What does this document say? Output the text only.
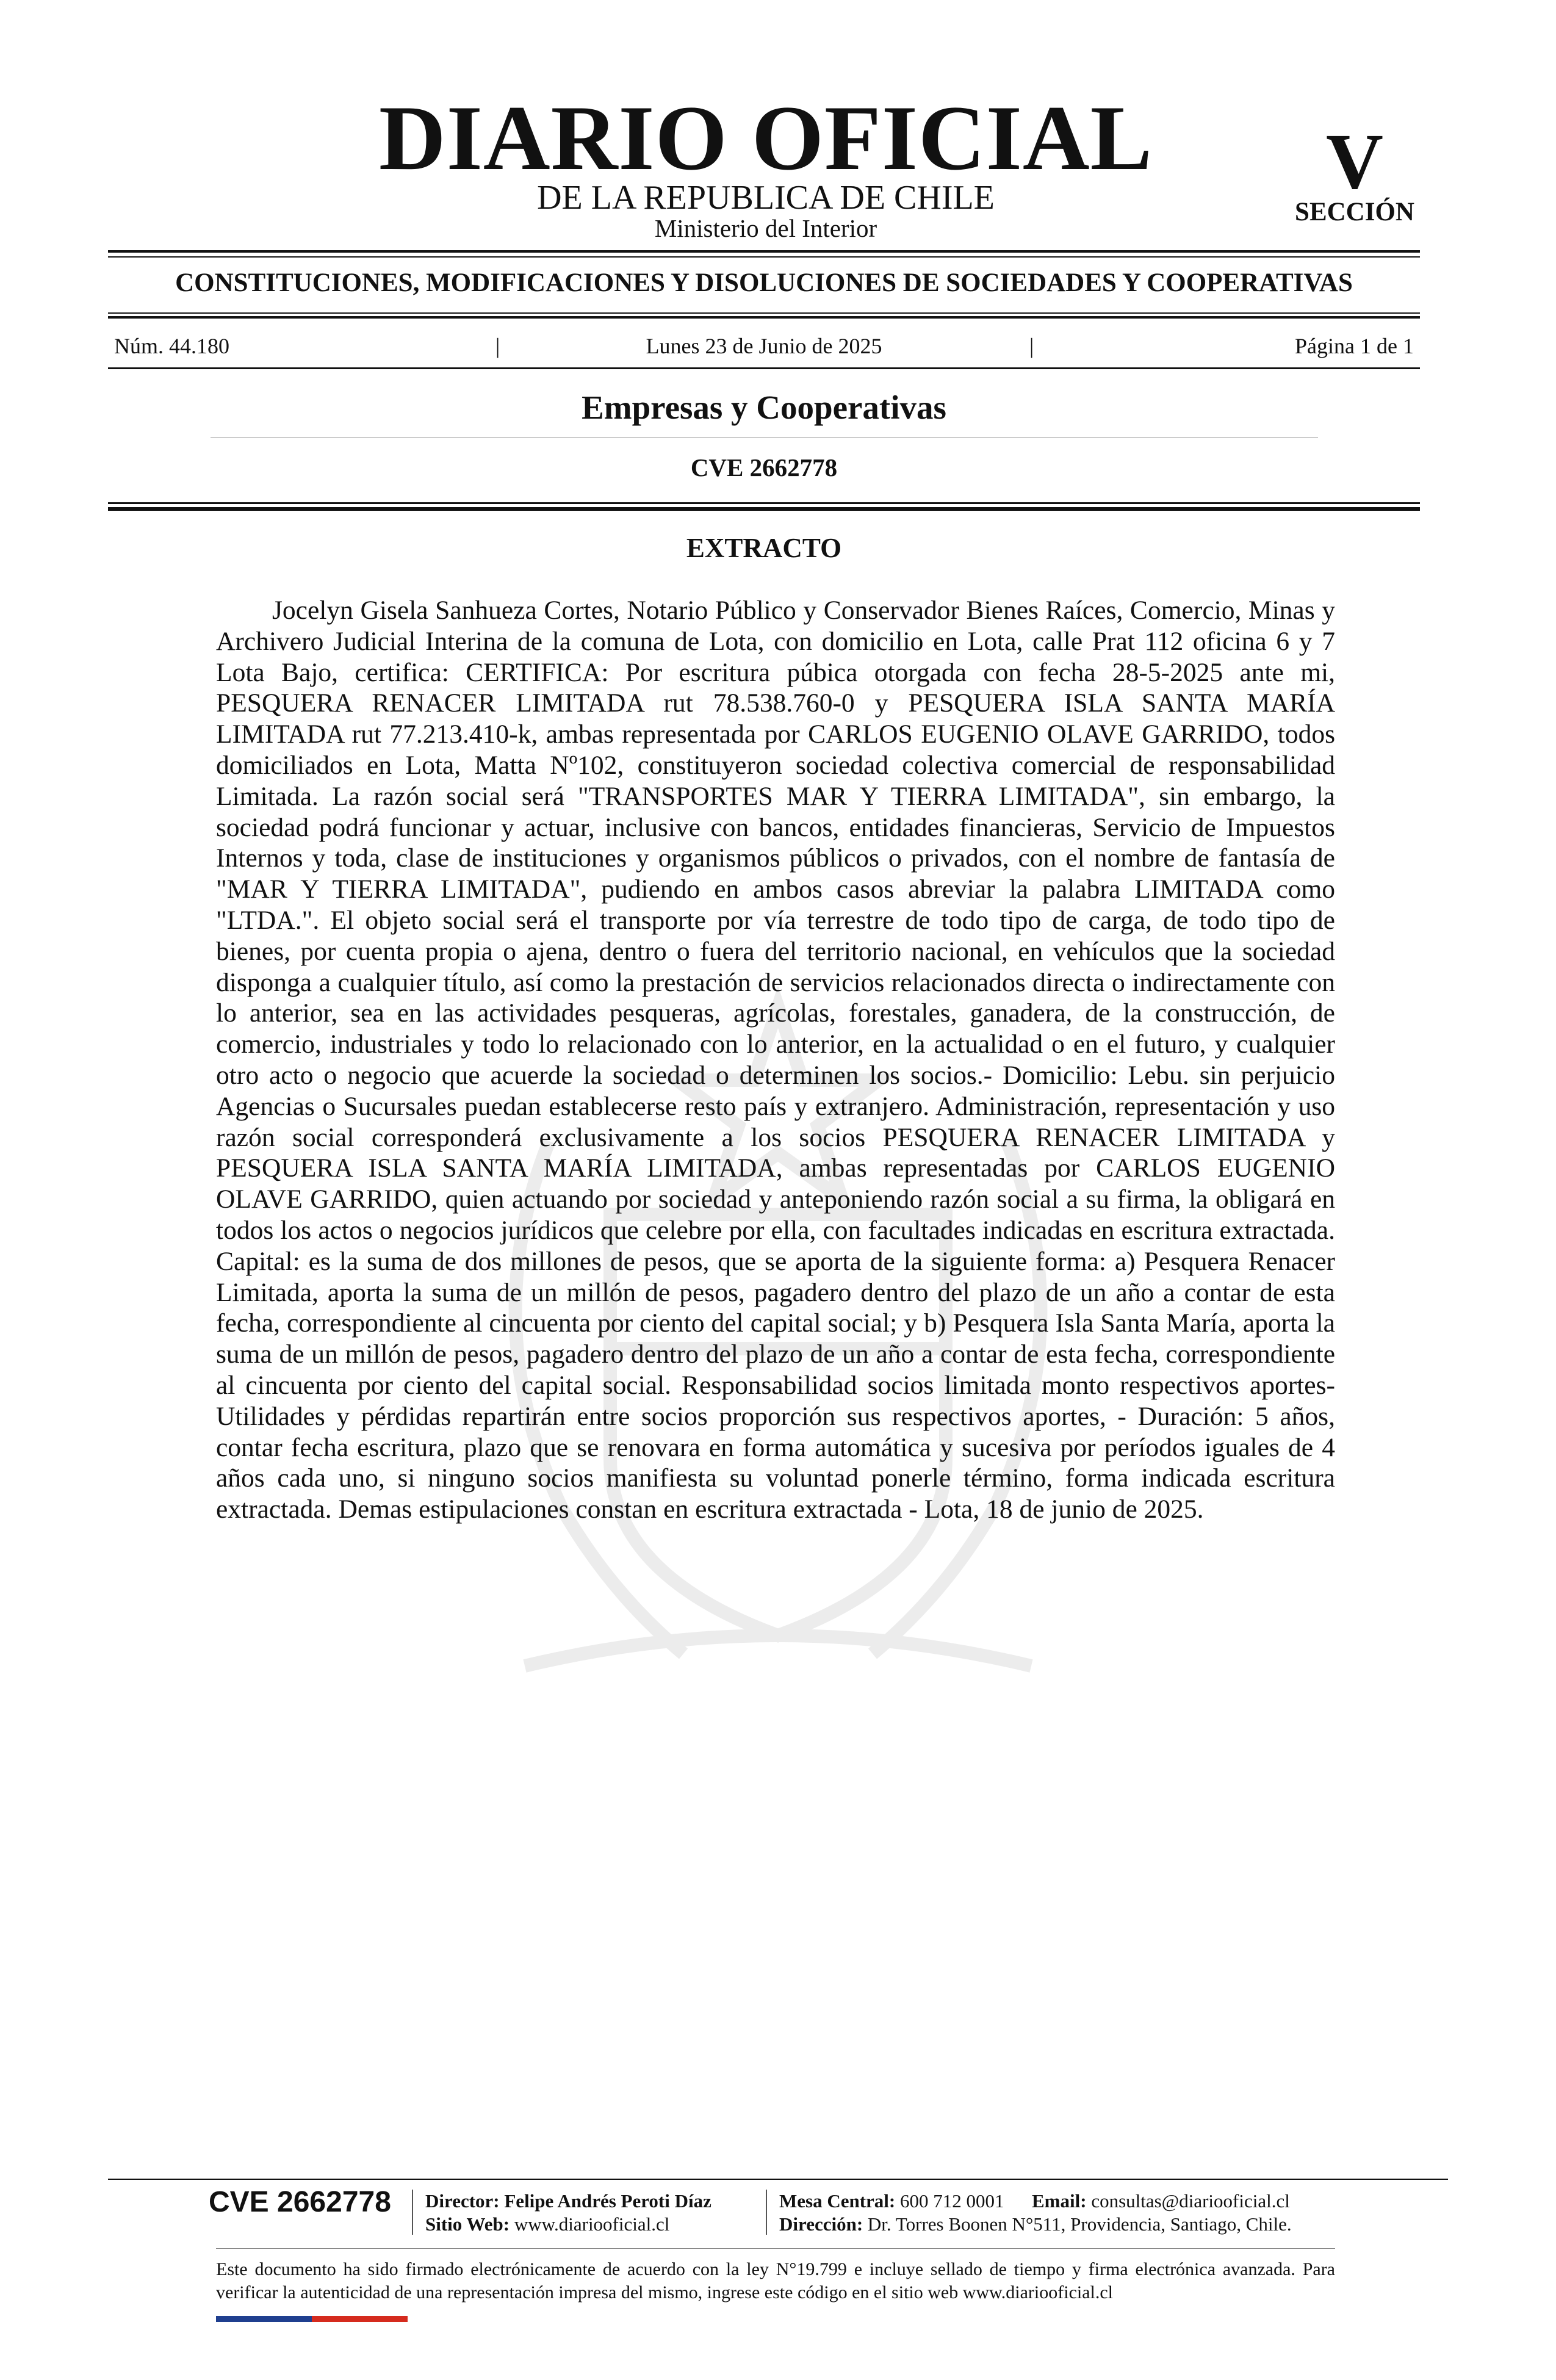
DIARIO OFICIAL
DE LA REPUBLICA DE CHILE
Ministerio del Interior
V
SECCIÓN
CONSTITUCIONES, MODIFICACIONES Y DISOLUCIONES DE SOCIEDADES Y COOPERATIVAS
Lunes 23 de Junio de 2025
Núm. 44.180	|	|	Página 1 de 1
Empresas y Cooperativas
CVE 2662778
EXTRACTO

Jocelyn Gisela Sanhueza Cortes, Notario Público y Conservador Bienes Raíces, Comercio, Minas y Archivero Judicial Interina de la comuna de Lota, con domicilio en Lota, calle Prat 112 oficina 6 y 7 Lota Bajo, certifica: CERTIFICA: Por escritura púbica otorgada con fecha 28-5-2025 ante mi, PESQUERA RENACER LIMITADA rut 78.538.760-0 y PESQUERA ISLA SANTA MARÍA LIMITADA rut 77.213.410-k, ambas representada por CARLOS EUGENIO OLAVE GARRIDO, todos domiciliados en Lota, Matta Nº102, constituyeron sociedad colectiva comercial de responsabilidad Limitada. La razón social será "TRANSPORTES MAR Y TIERRA LIMITADA", sin embargo, la sociedad podrá funcionar y actuar, inclusive con bancos, entidades financieras, Servicio de Impuestos Internos y toda, clase de instituciones y organismos públicos o privados, con el nombre de fantasía de "MAR Y TIERRA LIMITADA", pudiendo en ambos casos abreviar la palabra LIMITADA como "LTDA.". El objeto social será el transporte por vía terrestre de todo tipo de carga, de todo tipo de bienes, por cuenta propia o ajena, dentro o fuera del territorio nacional, en vehículos que la sociedad disponga a cualquier título, así como la prestación de servicios relacionados directa o indirectamente con lo anterior, sea en las actividades pesqueras, agrícolas, forestales, ganadera, de la construcción, de comercio, industriales y todo lo relacionado con lo anterior, en la actualidad o en el futuro, y cualquier otro acto o negocio que acuerde la sociedad o determinen los socios.- Domicilio: Lebu. sin perjuicio Agencias o Sucursales puedan establecerse resto país y extranjero. Administración, representación y uso razón social corresponderá exclusivamente a los socios PESQUERA RENACER LIMITADA y PESQUERA ISLA SANTA MARÍA LIMITADA, ambas representadas por CARLOS EUGENIO OLAVE GARRIDO, quien actuando por sociedad y anteponiendo razón social a su firma, la obligará en todos los actos o negocios jurídicos que celebre por ella, con facultades indicadas en escritura extractada. Capital: es la suma de dos millones de pesos, que se aporta de la siguiente forma: a) Pesquera Renacer Limitada, aporta la suma de un millón de pesos, pagadero dentro del plazo de un año a contar de esta fecha, correspondiente al cincuenta por ciento del capital social; y b) Pesquera Isla Santa María, aporta la suma de un millón de pesos, pagadero dentro del plazo de un año a contar de esta fecha, correspondiente al cincuenta por ciento del capital social. Responsabilidad socios limitada monto respectivos aportes- Utilidades y pérdidas repartirán entre socios proporción sus respectivos aportes, - Duración: 5 años, contar fecha escritura, plazo que se renovara en forma automática y sucesiva por períodos iguales de 4 años cada uno, si ninguno socios manifiesta su voluntad ponerle término, forma indicada escritura extractada. Demas estipulaciones constan en escritura extractada - Lota, 18 de junio de 2025.

CVE 2662778 Director: Felipe Andrés Peroti Díaz
Sitio Web: www.diariooficial.cl
Mesa Central: 600 712 0001 Email: consultas@diariooficial.cl
Dirección: Dr. Torres Boonen N°511, Providencia, Santiago, Chile.
Este documento ha sido firmado electrónicamente de acuerdo con la ley N°19.799 e incluye sellado de tiempo y firma electrónica avanzada. Para verificar la autenticidad de una representación impresa del mismo, ingrese este código en el sitio web www.diariooficial.cl
